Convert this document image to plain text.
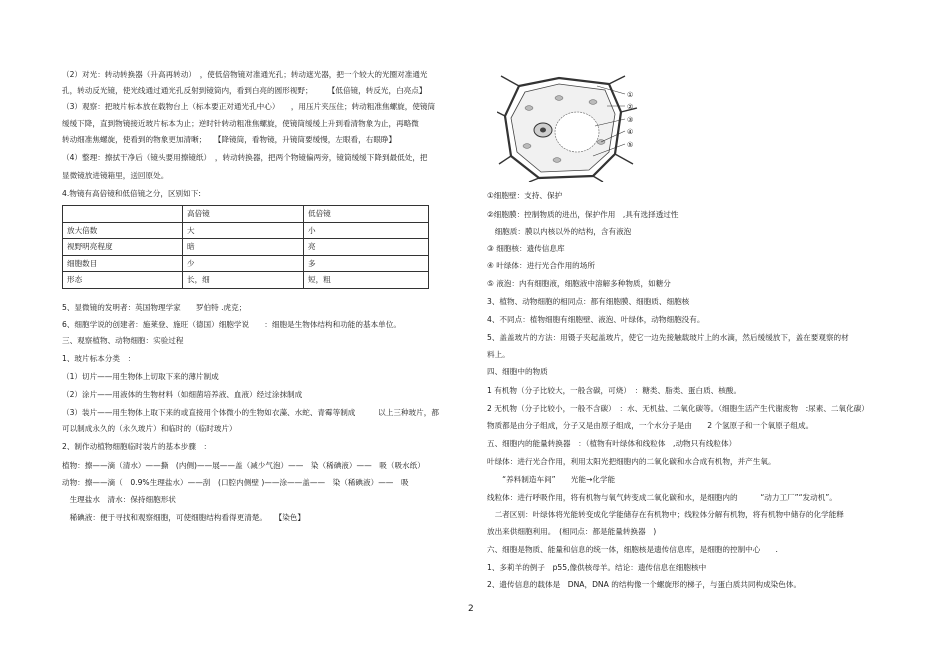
（2）对光：转动转换器（升高再转动）　，使低倍物镜对准通光孔；转动遮光器，把一个较大的光圈对准通光
孔，转动反光镜，使光线通过通光孔反射到镜筒内，看到白亮的圆形视野；　　　【低倍镜，转反光，白亮点】
（3）观察：把玻片标本放在载物台上（标本要正对通光孔中心）　　，用压片夹压住；转动粗准焦螺旋，使镜筒
缓缓下降，直到物镜接近玻片标本为止；逆时针转动粗准焦螺旋，使镜筒缓缓上升到看清物象为止，再略微
转动细准焦螺旋，使看到的物象更加清晰；　　【降镜筒，看物镜，升镜筒要缓慢，左眼看，右眼睁】
（4）整理：擦拭干净后（镜头要用擦镜纸）　，转动转换器，把两个物镜偏两旁，镜筒缓缓下降到最低处，把
显微镜放进镜箱里，送回原处。
4.物镜有高倍镜和低倍镜之分，区别如下:
	高倍镜	低倍镜
放大倍数	大	小
视野明亮程度	暗	亮
细胞数目	少	多
形态	长，细	短，粗
5、显微镜的发明者：英国物理学家　　罗伯特 .虎克；
6、细胞学说的创建者：施莱登、施旺（德国）细胞学说　　：细胞是生物体结构和功能的基本单位。
三、观察植物、动物细胞：实验过程
1、玻片标本分类　：
（1）切片——用生物体上切取下来的薄片制成
（2）涂片——用液体的生物材料（如细菌培养液、血液）经过涂抹制成
（3）装片——用生物体上取下来的或直接用个体微小的生物如衣藻、水蛇、青霉等制成　　　以上三种玻片，都
可以制成永久的（永久玻片）和临时的（临时玻片）
2、制作动植物细胞临时装片的基本步骤　：
植物：擦——滴（清水）——撕　(内侧)——展——盖（减少气泡）——　染（稀碘液）——　吸（吸水纸）
动物：擦——滴（　0.9%生理盐水）——刮　(口腔内侧壁 )——涂——盖——　染（稀碘液）——　吸
　生理盐水　清水：保持细胞形状
　稀碘液：便于寻找和观察细胞，可使细胞结构看得更清楚。　　【染色】
①
②
③
④
⑤
①细胞壁：支持、保护
②细胞膜：控制物质的进出，保护作用　,具有选择透过性
　细胞质：膜以内核以外的结构，含有液泡
③ 细胞核：遗传信息库
④ 叶绿体：进行光合作用的场所
⑤ 液泡：内有细胞液，细胞液中溶解多种物质，如糖分
3、植物、动物细胞的相同点：都有细胞膜、细胞质、细胞核
4、不同点：植物细胞有细胞壁、液泡、叶绿体，动物细胞没有。
5、盖盖玻片的方法：用镊子夹起盖玻片，使它一边先接触载玻片上的水滴，然后缓缓放下，盖在要观察的材
料上。
四、细胞中的物质
1 有机物（分子比较大，一般含碳，可烧）　：糖类、脂类、蛋白质、核酸。
2 无机物（分子比较小，一般不含碳）　：水、无机盐、二氧化碳等。（细胞生活产生代谢废物　:尿素、二氧化碳）
物质都是由分子组成，分子又是由原子组成，一个水分子是由　　2 个氢原子和一个氧原子组成。
五、细胞内的能量转换器　：（植物有叶绿体和线粒体　,动物只有线粒体）
叶绿体：进行光合作用，利用太阳光把细胞内的二氧化碳和水合成有机物，并产生氧。
　　“养料制造车间”　　光能→化学能
线粒体：进行呼吸作用，将有机物与氧气转变成二氧化碳和水，是细胞内的　　　“动力工厂”“发动机”。
　二者区别：叶绿体将光能转变成化学能储存在有机物中；线粒体分解有机物，将有机物中储存的化学能释
放出来供细胞利用。　(相同点：都是能量转换器　)
六、细胞是物质、能量和信息的统一体，细胞核是遗传信息库，是细胞的控制中心　　.
1、多莉羊的例子　p55,像供核母羊。结论：遗传信息在细胞核中
2、遗传信息的载体是　DNA，DNA 的结构像一个螺旋形的梯子，与蛋白质共同构成染色体。
2
